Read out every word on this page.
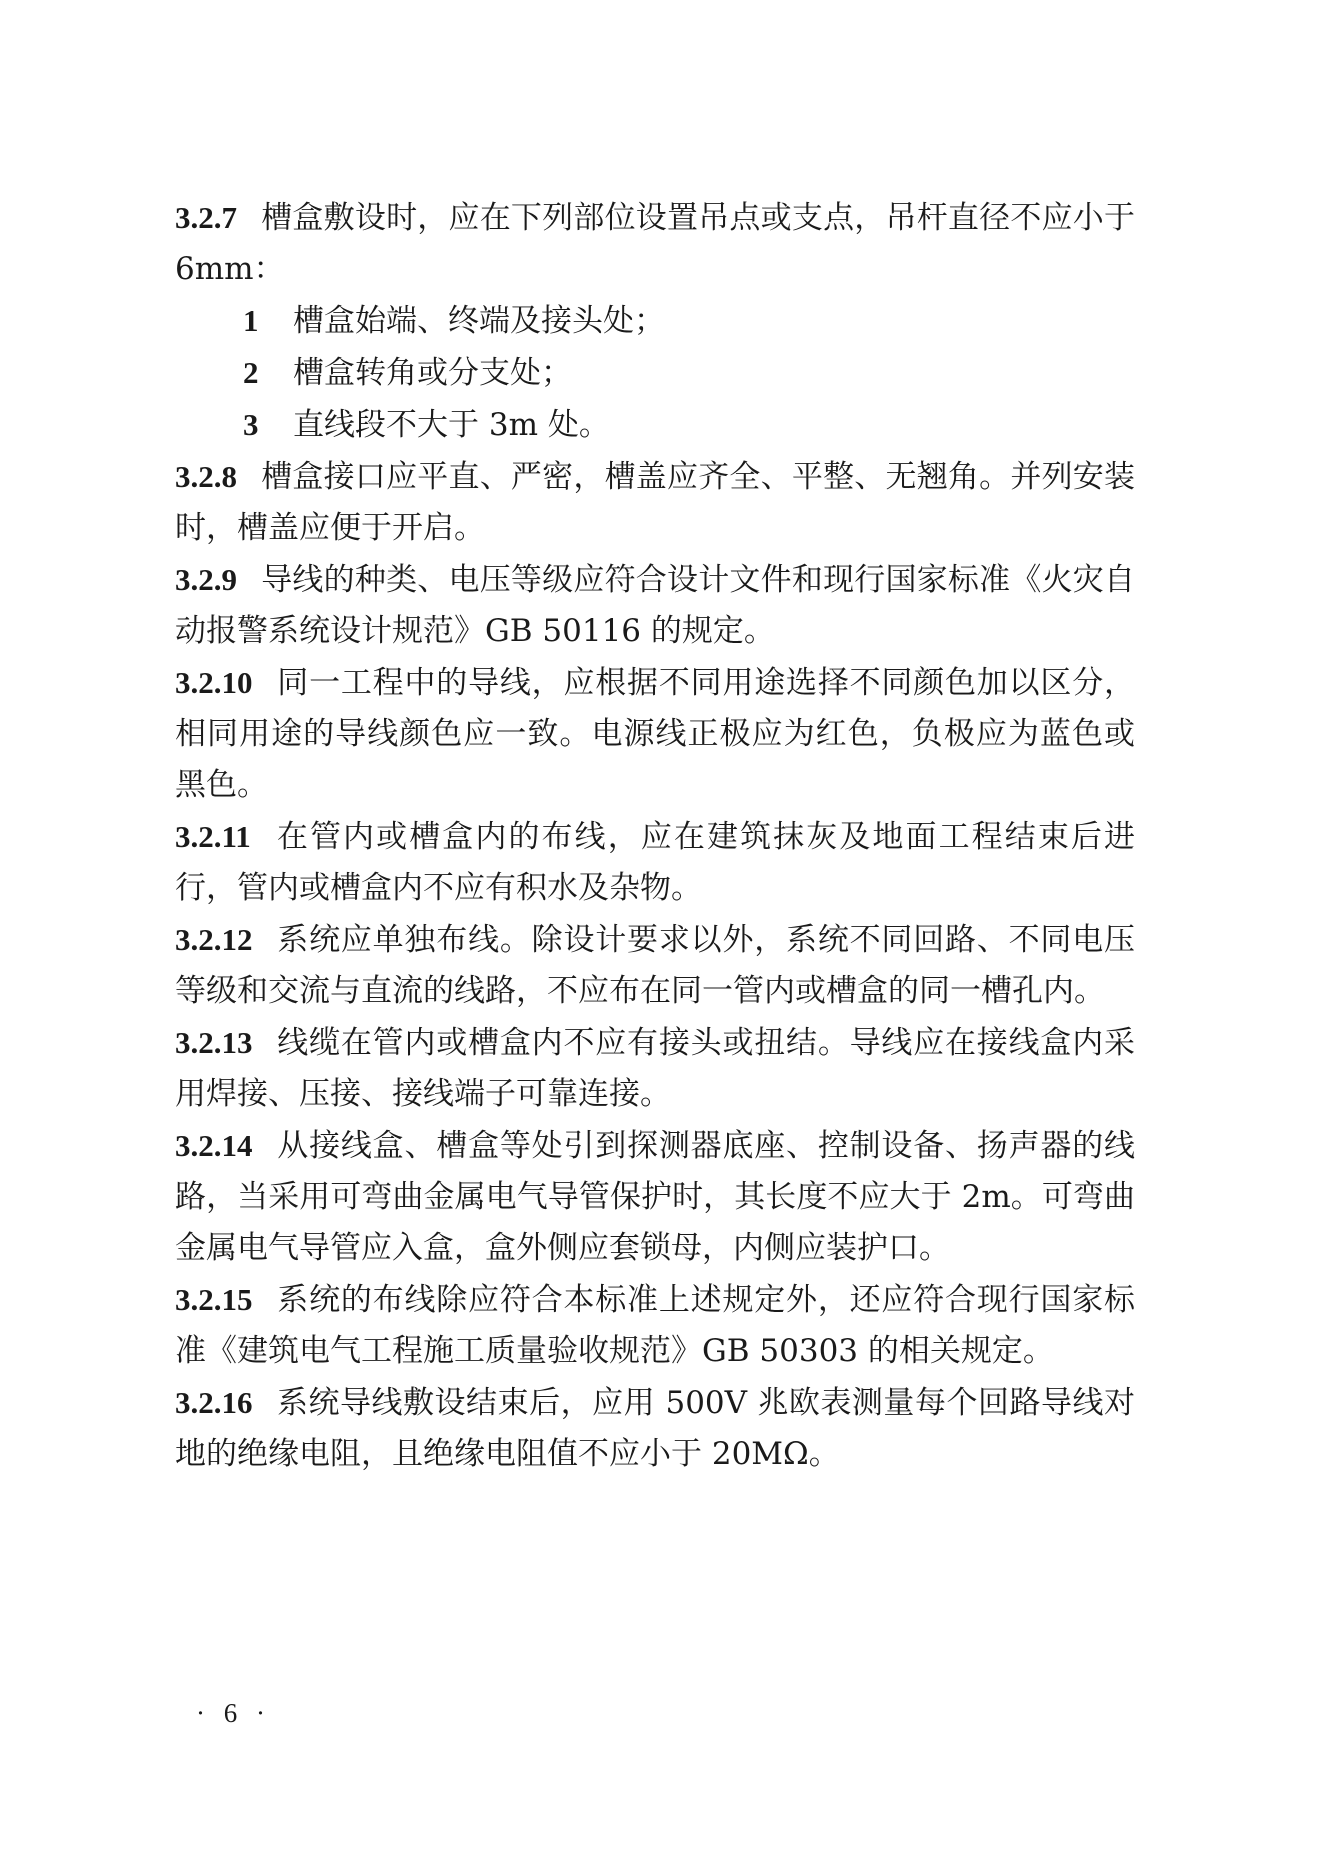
3.2.7 槽盒敷设时，应在下列部位设置吊点或支点，吊杆直径不应小于 6mm：

1 槽盒始端、终端及接头处；

2 槽盒转角或分支处；

3 直线段不大于 3m 处。

3.2.8 槽盒接口应平直、严密，槽盖应齐全、平整、无翘角。并列安装时，槽盖应便于开启。

3.2.9 导线的种类、电压等级应符合设计文件和现行国家标准《火灾自动报警系统设计规范》GB 50116 的规定。

3.2.10 同一工程中的导线，应根据不同用途选择不同颜色加以区分，相同用途的导线颜色应一致。电源线正极应为红色，负极应为蓝色或黑色。

3.2.11 在管内或槽盒内的布线，应在建筑抹灰及地面工程结束后进行，管内或槽盒内不应有积水及杂物。

3.2.12 系统应单独布线。除设计要求以外，系统不同回路、不同电压等级和交流与直流的线路，不应布在同一管内或槽盒的同一槽孔内。

3.2.13 线缆在管内或槽盒内不应有接头或扭结。导线应在接线盒内采用焊接、压接、接线端子可靠连接。

3.2.14 从接线盒、槽盒等处引到探测器底座、控制设备、扬声器的线路，当采用可弯曲金属电气导管保护时，其长度不应大于 2m。可弯曲金属电气导管应入盒，盒外侧应套锁母，内侧应装护口。

3.2.15 系统的布线除应符合本标准上述规定外，还应符合现行国家标准《建筑电气工程施工质量验收规范》GB 50303 的相关规定。

3.2.16 系统导线敷设结束后，应用 500V 兆欧表测量每个回路导线对地的绝缘电阻，且绝缘电阻值不应小于 20MΩ。

· 6 ·
